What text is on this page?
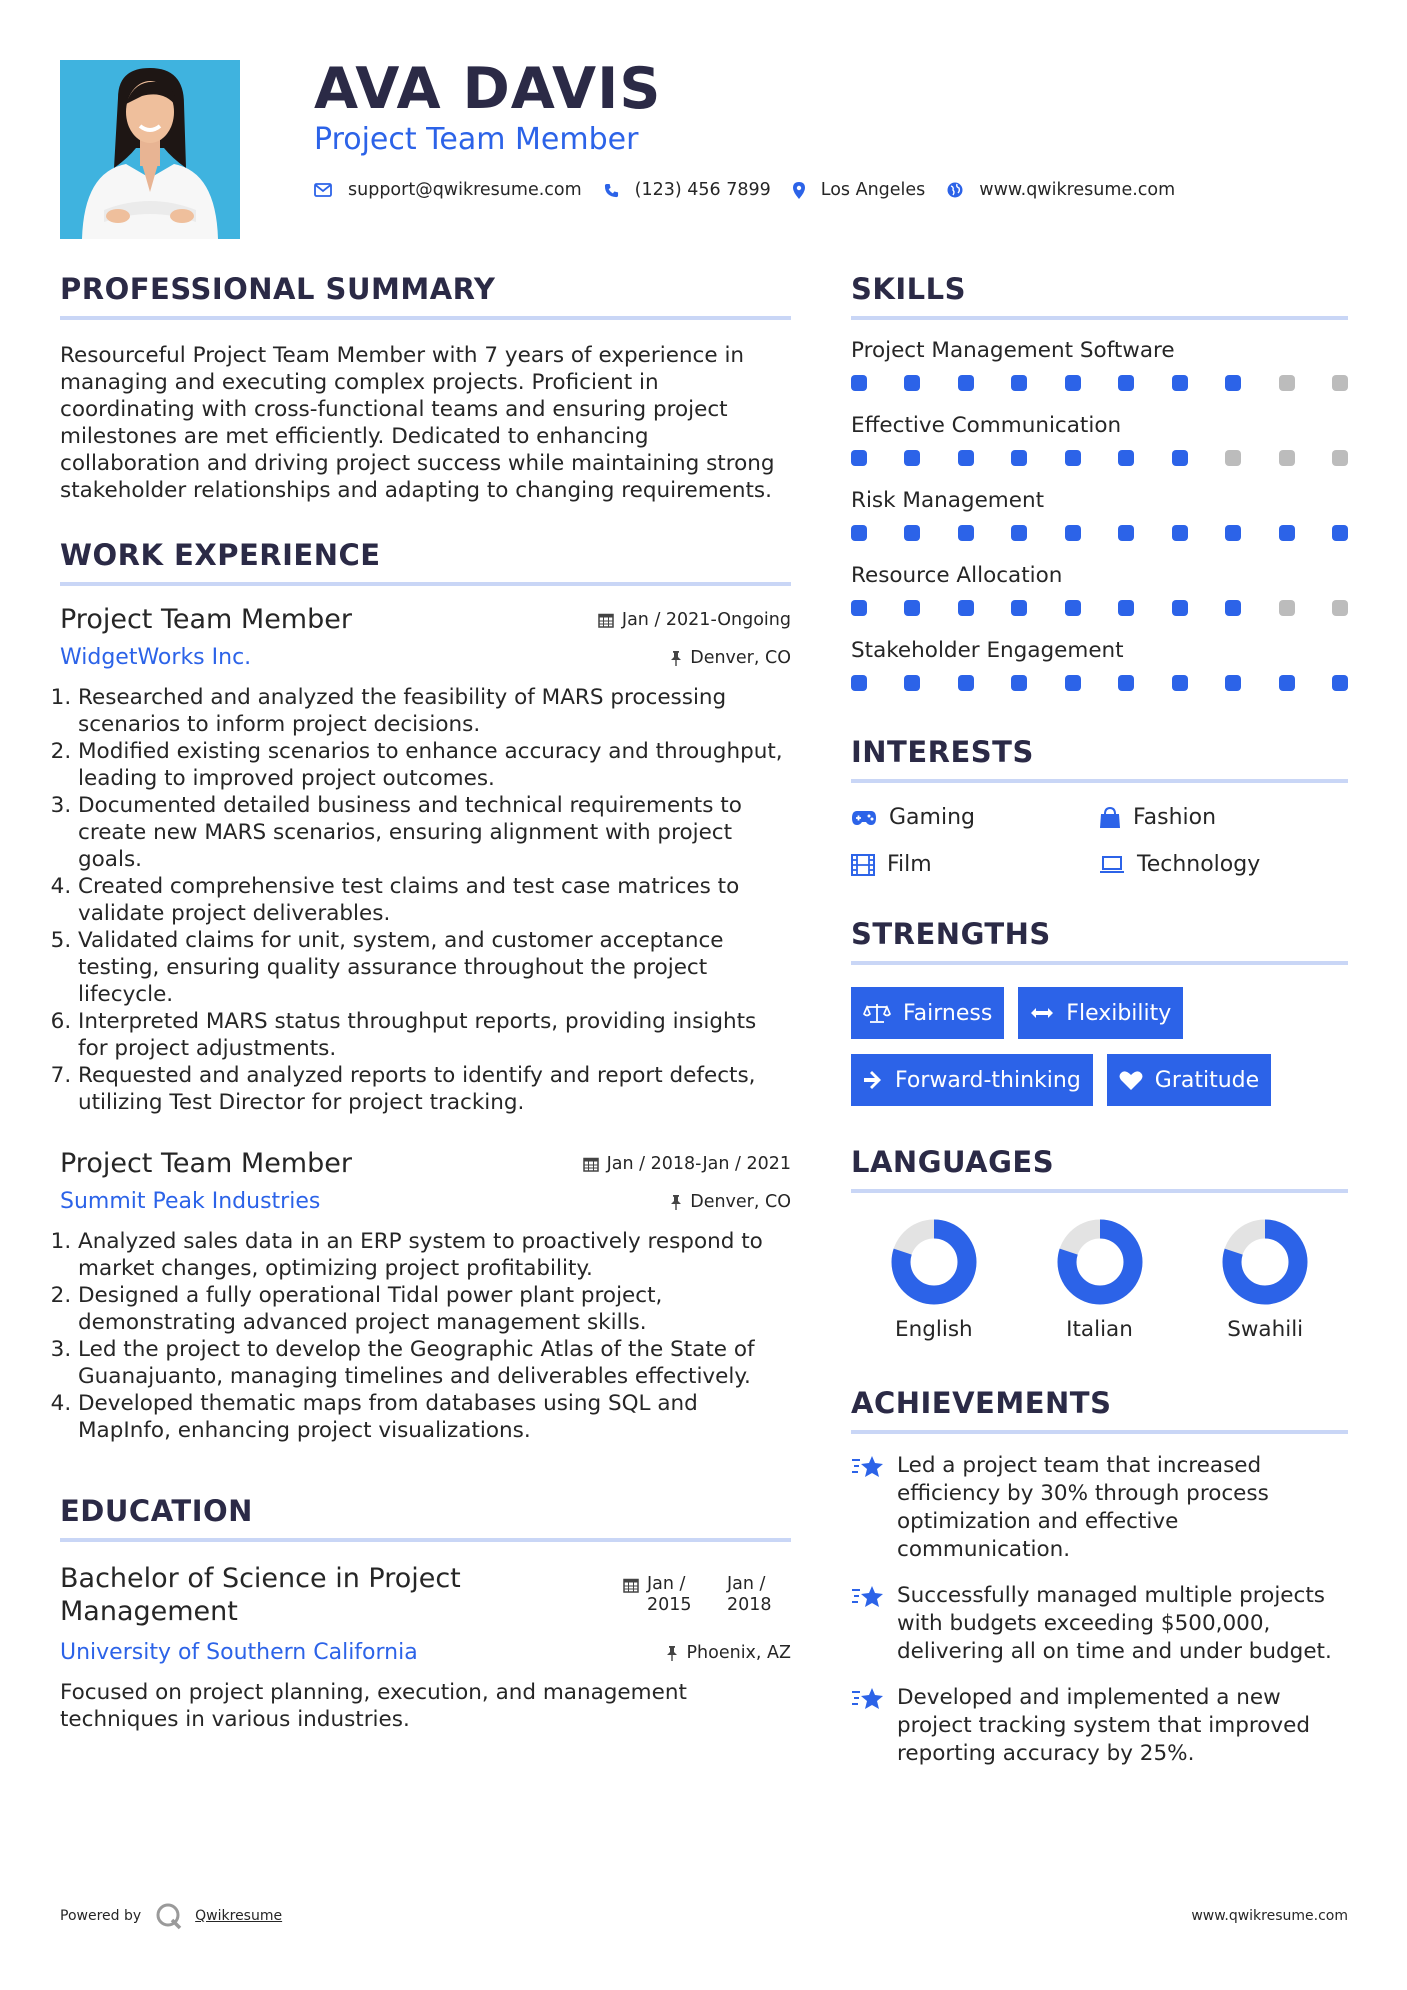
AVA DAVIS
Project Team Member
support@qwikresume.com	(123) 456 7899	Los Angeles	www.qwikresume.com
PROFESSIONAL SUMMARY

Resourceful Project Team Member with 7 years of experience in managing and executing complex projects. Proficient in coordinating with cross-functional teams and ensuring project milestones are met efficiently. Dedicated to enhancing collaboration and driving project success while maintaining strong stakeholder relationships and adapting to changing requirements.

WORK EXPERIENCE
Project Team Member	Jan / 2021-Ongoing
WidgetWorks Inc.	Denver, CO
1. Researched and analyzed the feasibility of MARS processing scenarios to inform project decisions.
2. Modified existing scenarios to enhance accuracy and throughput, leading to improved project outcomes.
3. Documented detailed business and technical requirements to create new MARS scenarios, ensuring alignment with project goals.
4. Created comprehensive test claims and test case matrices to validate project deliverables.
5. Validated claims for unit, system, and customer acceptance testing, ensuring quality assurance throughout the project lifecycle.
6. Interpreted MARS status throughput reports, providing insights for project adjustments.
7. Requested and analyzed reports to identify and report defects, utilizing Test Director for project tracking.
Project Team Member	Jan / 2018-Jan / 2021
Summit Peak Industries	Denver, CO
1. Analyzed sales data in an ERP system to proactively respond to market changes, optimizing project profitability.
2. Designed a fully operational Tidal power plant project, demonstrating advanced project management skills.
3. Led the project to develop the Geographic Atlas of the State of Guanajuanto, managing timelines and deliverables effectively.
4. Developed thematic maps from databases using SQL and MapInfo, enhancing project visualizations.
EDUCATION
Bachelor of Science in Project Management
Jan / 2015
Jan / 2018
University of Southern California	Phoenix, AZ

Focused on project planning, execution, and management techniques in various industries.

SKILLS
Project Management Software
Effective Communication
Risk Management
Resource Allocation
Stakeholder Engagement
INTERESTS
Gaming	Fashion
Film	Technology
STRENGTHS
Fairness	Flexibility
Forward-thinking	Gratitude
LANGUAGES
English	Italian	Swahili
ACHIEVEMENTS
Led a project team that increased efficiency by 30% through process optimization and effective communication.
Successfully managed multiple projects with budgets exceeding $500,000, delivering all on time and under budget.
Developed and implemented a new project tracking system that improved reporting accuracy by 25%.
Powered by	Qwikresume	www.qwikresume.com
